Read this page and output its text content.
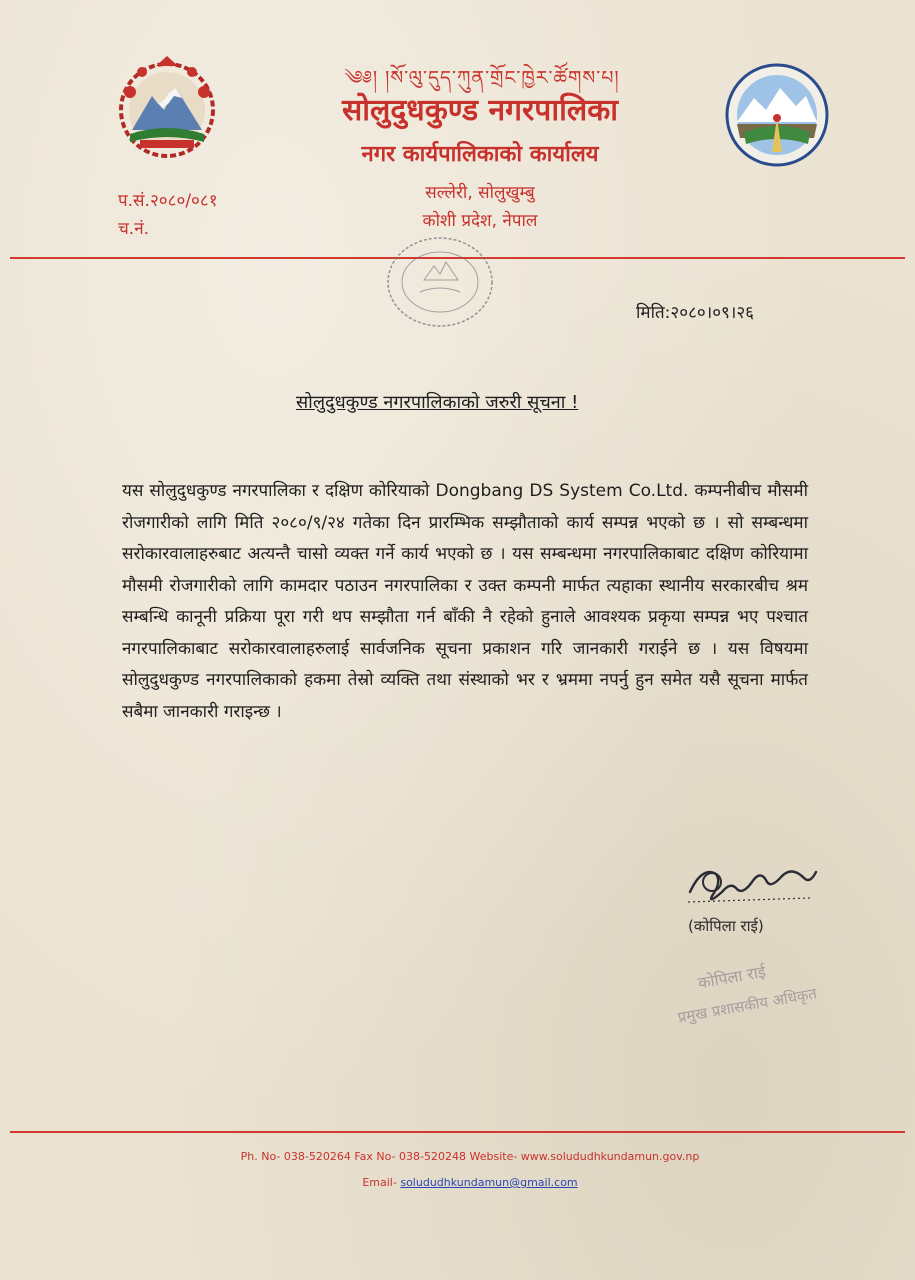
༄༅། །སོ་ལུ་དུད་ཀུན་གྲོང་ཁྱེར་ཚོགས་པ།
सोलुदुधकुण्ड नगरपालिका
नगर कार्यपालिकाको कार्यालय
सल्लेरी, सोलुखुम्बु
कोशी प्रदेश, नेपाल
प.सं.२०८०/०८१
च.नं.
मिति:२०८०।०९।२६
सोलुदुधकुण्ड नगरपालिकाको जरुरी सूचना !
यस सोलुदुधकुण्ड नगरपालिका र दक्षिण कोरियाको Dongbang DS System Co.Ltd. कम्पनीबीच मौसमी रोजगारीको लागि मिति २०८०/९/२४ गतेका दिन प्रारम्भिक सम्झौताको कार्य सम्पन्न भएको छ । सो सम्बन्धमा सरोकारवालाहरुबाट अत्यन्तै चासो व्यक्त गर्ने कार्य भएको छ । यस सम्बन्धमा नगरपालिकाबाट दक्षिण कोरियामा मौसमी रोजगारीको लागि कामदार पठाउन नगरपालिका र उक्त कम्पनी मार्फत त्यहाका स्थानीय सरकारबीच श्रम सम्बन्धि कानूनी प्रक्रिया पूरा गरी थप सम्झौता गर्न बाँकी नै रहेको हुनाले आवश्यक प्रकृया सम्पन्न भए पश्चात नगरपालिकाबाट सरोकारवालाहरुलाई सार्वजनिक सूचना प्रकाशन गरि जानकारी गराईने छ । यस विषयमा सोलुदुधकुण्ड नगरपालिकाको हकमा तेस्रो व्यक्ति तथा संस्थाको भर र भ्रममा नपर्नु हुन समेत यसै सूचना मार्फत सबैमा जानकारी गराइन्छ ।
(कोपिला राई)
कोपिला राई
प्रमुख प्रशासकीय अधिकृत
Ph. No- 038-520264 Fax No- 038-520248 Website- www.solududhkundamun.gov.np
Email- solududhkundamun@gmail.com
